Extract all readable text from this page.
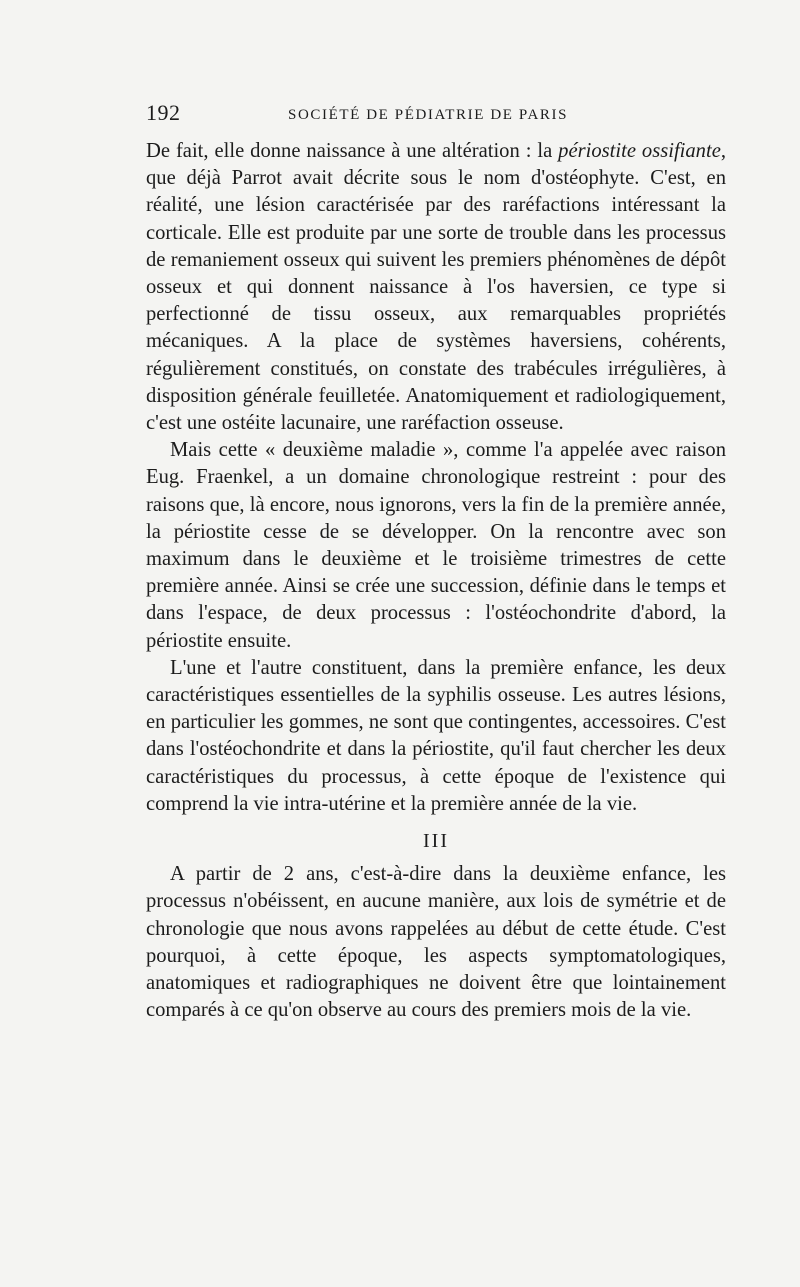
192	SOCIÉTÉ DE PÉDIATRIE DE PARIS

De fait, elle donne naissance à une altération : la périostite ossifiante, que déjà Parrot avait décrite sous le nom d'ostéophyte. C'est, en réalité, une lésion caractérisée par des raréfactions intéressant la corticale. Elle est produite par une sorte de trouble dans les processus de remaniement osseux qui suivent les premiers phénomènes de dépôt osseux et qui donnent naissance à l'os haversien, ce type si perfectionné de tissu osseux, aux remarquables propriétés mécaniques. A la place de systèmes haversiens, cohérents, régulièrement constitués, on constate des trabécules irrégulières, à disposition générale feuilletée. Anatomiquement et radiologiquement, c'est une ostéite lacunaire, une raréfaction osseuse.

Mais cette « deuxième maladie », comme l'a appelée avec raison Eug. Fraenkel, a un domaine chronologique restreint : pour des raisons que, là encore, nous ignorons, vers la fin de la première année, la périostite cesse de se développer. On la rencontre avec son maximum dans le deuxième et le troisième trimestres de cette première année. Ainsi se crée une succession, définie dans le temps et dans l'espace, de deux processus : l'ostéochondrite d'abord, la périostite ensuite.

L'une et l'autre constituent, dans la première enfance, les deux caractéristiques essentielles de la syphilis osseuse. Les autres lésions, en particulier les gommes, ne sont que contingentes, accessoires. C'est dans l'ostéochondrite et dans la périostite, qu'il faut chercher les deux caractéristiques du processus, à cette époque de l'existence qui comprend la vie intra-utérine et la première année de la vie.

III

A partir de 2 ans, c'est-à-dire dans la deuxième enfance, les processus n'obéissent, en aucune manière, aux lois de symétrie et de chronologie que nous avons rappelées au début de cette étude. C'est pourquoi, à cette époque, les aspects symptomatologiques, anatomiques et radiographiques ne doivent être que lointainement comparés à ce qu'on observe au cours des premiers mois de la vie.
